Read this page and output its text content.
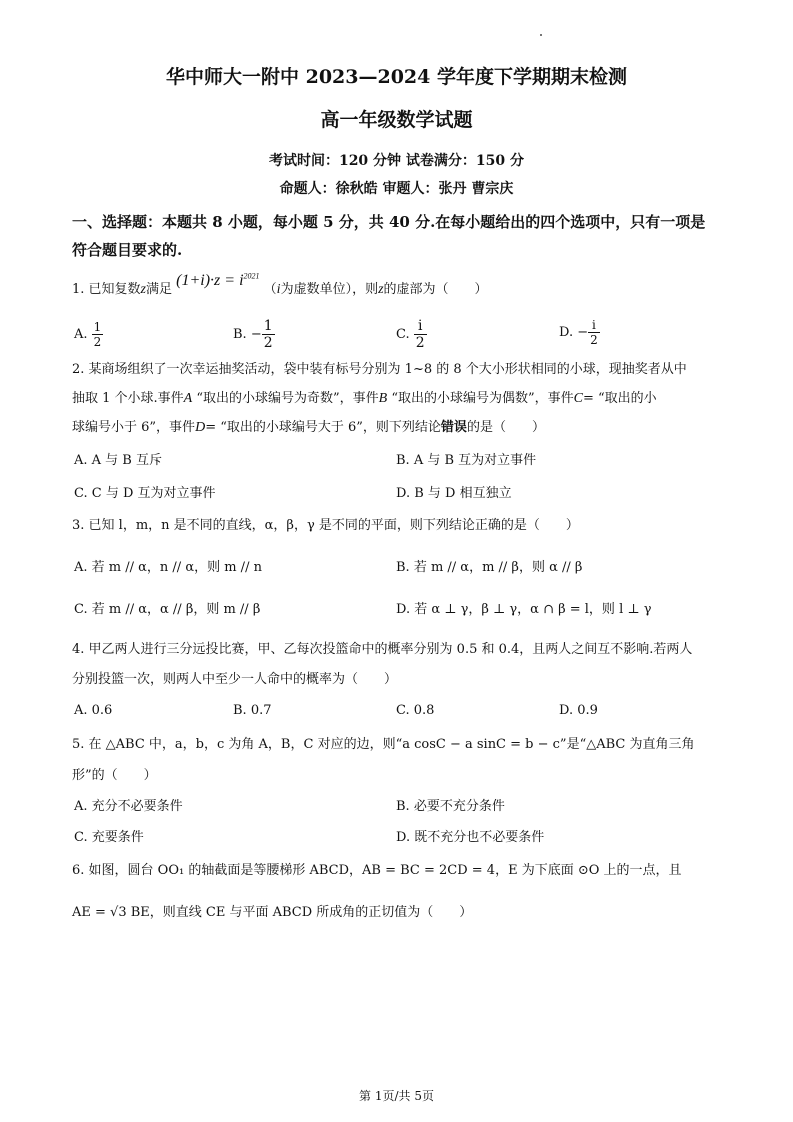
华中师大一附中 2023—2024 学年度下学期期末检测
高一年级数学试题
考试时间：120 分钟 试卷满分：150 分
命题人：徐秋皓 审题人：张丹 曹宗庆
一、选择题：本题共 8 小题，每小题 5 分，共 40 分.在每小题给出的四个选项中，只有一项是
符合题目要求的.
1. 已知复数z满足 $(1+i)\cdot z = i^{2021}$ （i为虚数单位），则z的虚部为（　　）
A. $\frac{1}{2}$	B. − $\frac{1}{2}$	C. $\frac{i}{2}$	D. − $\frac{i}{2}$
2. 某商场组织了一次幸运抽奖活动，袋中装有标号分别为 1~8 的 8 个大小形状相同的小球，现抽奖者从中
抽取 1 个小球.事件A “取出的小球编号为奇数”，事件B “取出的小球编号为偶数”，事件C= “取出的小
球编号小于 6”，事件D= “取出的小球编号大于 6”，则下列结论错误的是（　　）
A. A 与 B 互斥	B. A 与 B 互为对立事件
C. C 与 D 互为对立事件	D. B 与 D 相互独立
3. 已知 l，m，n 是不同的直线，α，β，γ 是不同的平面，则下列结论正确的是（　　）
A. 若 m // α，n // α，则 m // n	B. 若 m // α，m // β，则 α // β
C. 若 m // α，α // β，则 m // β	D. 若 α ⊥ γ，β ⊥ γ，α ∩ β = l，则 l ⊥ γ
4. 甲乙两人进行三分远投比赛，甲、乙每次投篮命中的概率分别为 0.5 和 0.4，且两人之间互不影响.若两人
分别投篮一次，则两人中至少一人命中的概率为（　　）
A. 0.6	B. 0.7	C. 0.8	D. 0.9
5. 在 △ABC 中，a，b，c 为角 A，B，C 对应的边，则“a cosC − a sinC = b − c”是“△ABC 为直角三角
形”的（　　）
A. 充分不必要条件	B. 必要不充分条件
C. 充要条件	D. 既不充分也不必要条件
6. 如图，圆台 OO₁ 的轴截面是等腰梯形 ABCD，AB = BC = 2CD = 4，E 为下底面 ⊙O 上的一点，且
AE = √3 BE，则直线 CE 与平面 ABCD 所成角的正切值为（　　）
第 1页/共 5页
